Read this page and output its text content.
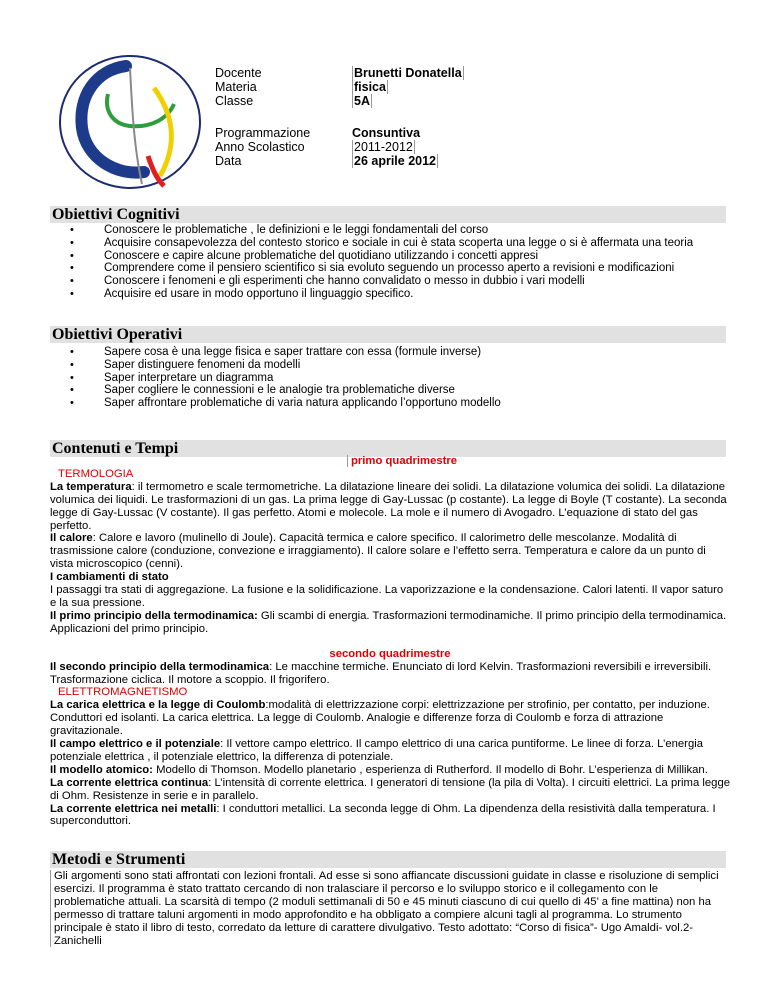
Docente
Materia
Classe
Programmazione
Anno Scolastico
Data
Brunetti Donatella
fisica
5A
Consuntiva
2011-2012
26 aprile 2012
Obiettivi Cognitivi
• Conoscere le problematiche , le definizioni e le leggi fondamentali del corso
• Acquisire consapevolezza del contesto storico e sociale in cui è stata scoperta una legge o si è affermata una teoria
• Conoscere e capire alcune problematiche del quotidiano utilizzando i concetti appresi
• Comprendere come il pensiero scientifico si sia evoluto seguendo un processo aperto a revisioni e modificazioni
• Conoscere i fenomeni e gli esperimenti che hanno convalidato o messo in dubbio i vari modelli
• Acquisire ed usare in modo opportuno il linguaggio specifico.
Obiettivi Operativi
• Sapere cosa è una legge fisica e saper trattare con essa (formule inverse)
• Saper distinguere fenomeni da modelli
• Saper interpretare un diagramma
• Saper cogliere le connessioni e le analogie tra problematiche diverse
• Saper affrontare problematiche di varia natura applicando l’opportuno modello
Contenuti e Tempi

primo quadrimestre

TERMOLOGIA

La temperatura: il termometro e scale termometriche. La dilatazione lineare dei solidi. La dilatazione volumica dei solidi. La dilatazione volumica dei liquidi. Le trasformazioni di un gas. La prima legge di Gay-Lussac (p costante). La legge di Boyle (T costante). La seconda legge di Gay-Lussac (V costante). Il gas perfetto. Atomi e molecole. La mole e il numero di Avogadro. L’equazione di stato del gas perfetto.

Il calore: Calore e lavoro (mulinello di Joule). Capacità termica e calore specifico. Il calorimetro delle mescolanze. Modalità di trasmissione calore (conduzione, convezione e irraggiamento). Il calore solare e l’effetto serra. Temperatura e calore da un punto di vista microscopico (cenni).

I cambiamenti di stato

I passaggi tra stati di aggregazione. La fusione e la solidificazione. La vaporizzazione e la condensazione. Calori latenti. Il vapor saturo e la sua pressione.

Il primo principio della termodinamica: Gli scambi di energia. Trasformazioni termodinamiche. Il primo principio della termodinamica. Applicazioni del primo principio.

secondo quadrimestre

Il secondo principio della termodinamica: Le macchine termiche. Enunciato di lord Kelvin. Trasformazioni reversibili e irreversibili. Trasformazione ciclica. Il motore a scoppio. Il frigorifero.

ELETTROMAGNETISMO

La carica elettrica e la legge di Coulomb:modalità di elettrizzazione corpi: elettrizzazione per strofinio, per contatto, per induzione. Conduttori ed isolanti. La carica elettrica. La legge di Coulomb. Analogie e differenze forza di Coulomb e forza di attrazione gravitazionale.

Il campo elettrico e il potenziale: Il vettore campo elettrico. Il campo elettrico di una carica puntiforme. Le linee di forza. L’energia potenziale elettrica , il potenziale elettrico, la differenza di potenziale.

Il modello atomico: Modello di Thomson. Modello planetario , esperienza di Rutherford. Il modello di Bohr. L’esperienza di Millikan.

La corrente elettrica continua: L’intensità di corrente elettrica. I generatori di tensione (la pila di Volta). I circuiti elettrici. La prima legge di Ohm. Resistenze in serie e in parallelo.

La corrente elettrica nei metalli: I conduttori metallici. La seconda legge di Ohm. La dipendenza della resistività dalla temperatura. I superconduttori.

Metodi e Strumenti

Gli argomenti sono stati affrontati con lezioni frontali. Ad esse si sono affiancate discussioni guidate in classe e risoluzione di semplici esercizi. Il programma è stato trattato cercando di non tralasciare il percorso e lo sviluppo storico e il collegamento con le problematiche attuali. La scarsità di tempo (2 moduli settimanali di 50 e 45 minuti ciascuno di cui quello di 45’ a fine mattina) non ha permesso di trattare taluni argomenti in modo approfondito e ha obbligato a compiere alcuni tagli al programma. Lo strumento principale è stato il libro di testo, corredato da letture di carattere divulgativo. Testo adottato: “Corso di fisica”- Ugo Amaldi- vol.2-Zanichelli
